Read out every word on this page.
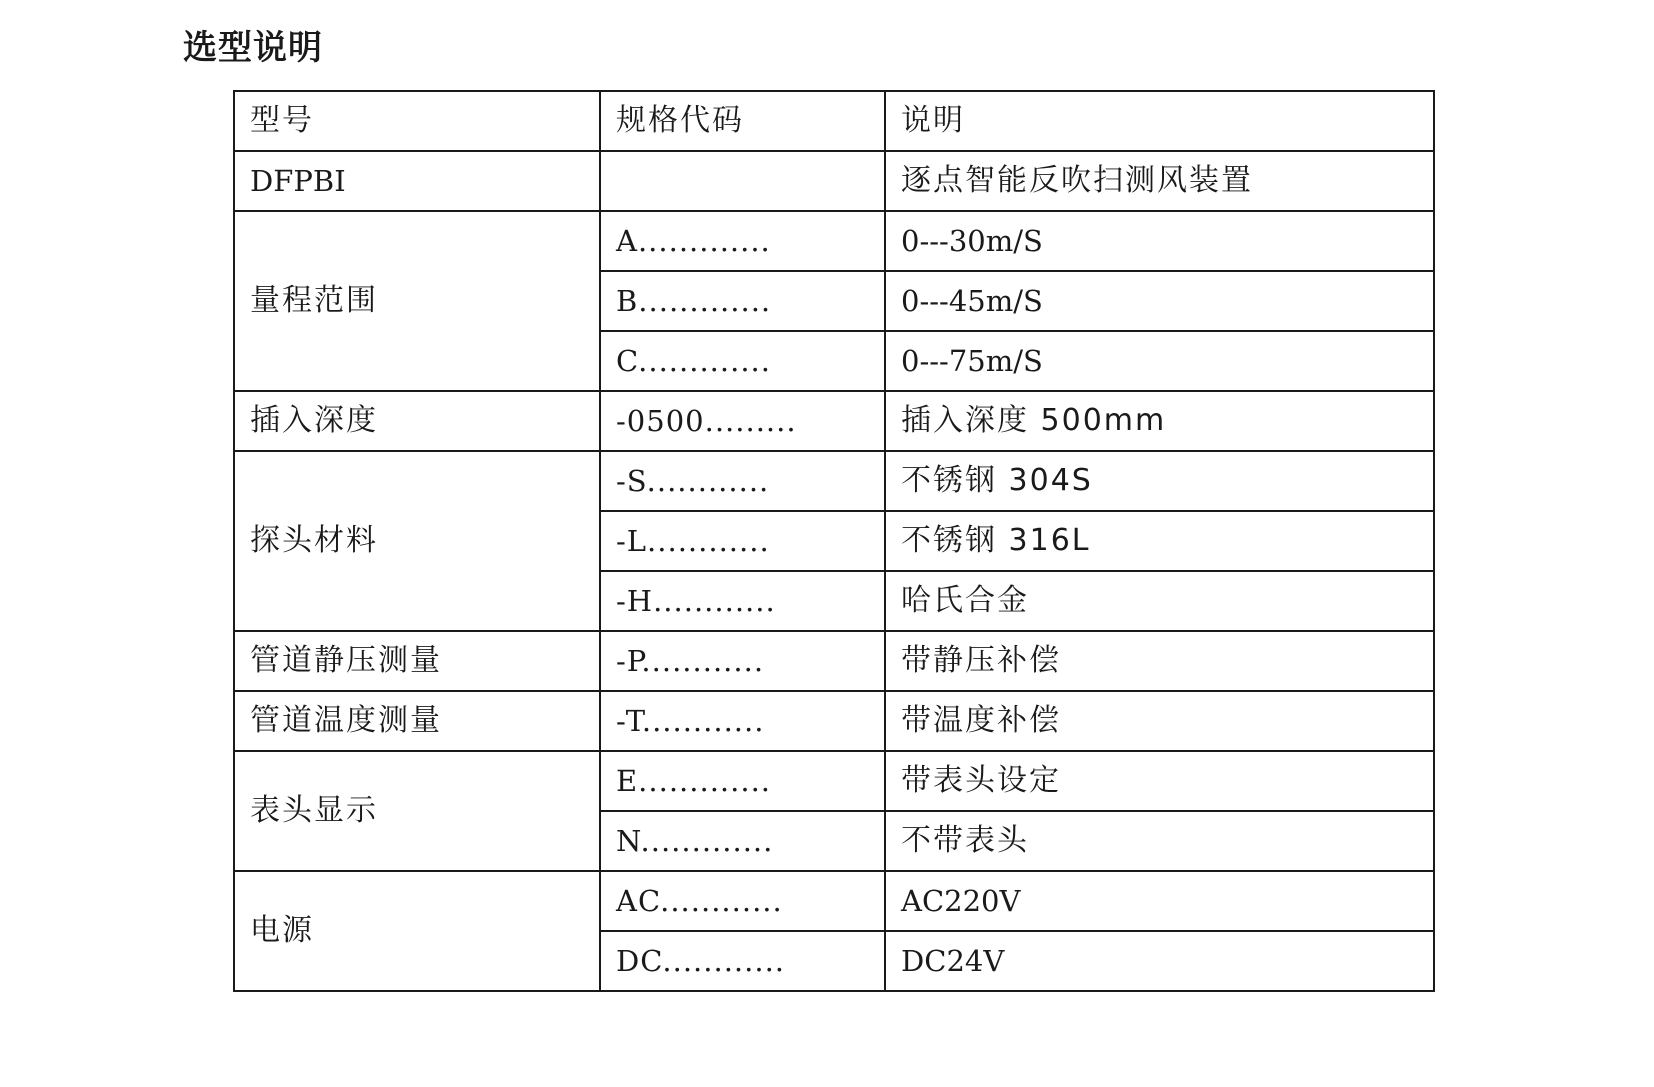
选型说明
型号	规格代码	说明
DFPBI		逐点智能反吹扫测风装置
量程范围	A.............	0---30m/S
	B.............	0---45m/S
	C.............	0---75m/S
插入深度	-0500.........	插入深度 500mm
探头材料	-S............	不锈钢 304S
	-L............	不锈钢 316L
	-H............	哈氏合金
管道静压测量	-P............	带静压补偿
管道温度测量	-T............	带温度补偿
表头显示	E.............	带表头设定
	N.............	不带表头
电源	AC............	AC220V
	DC............	DC24V
